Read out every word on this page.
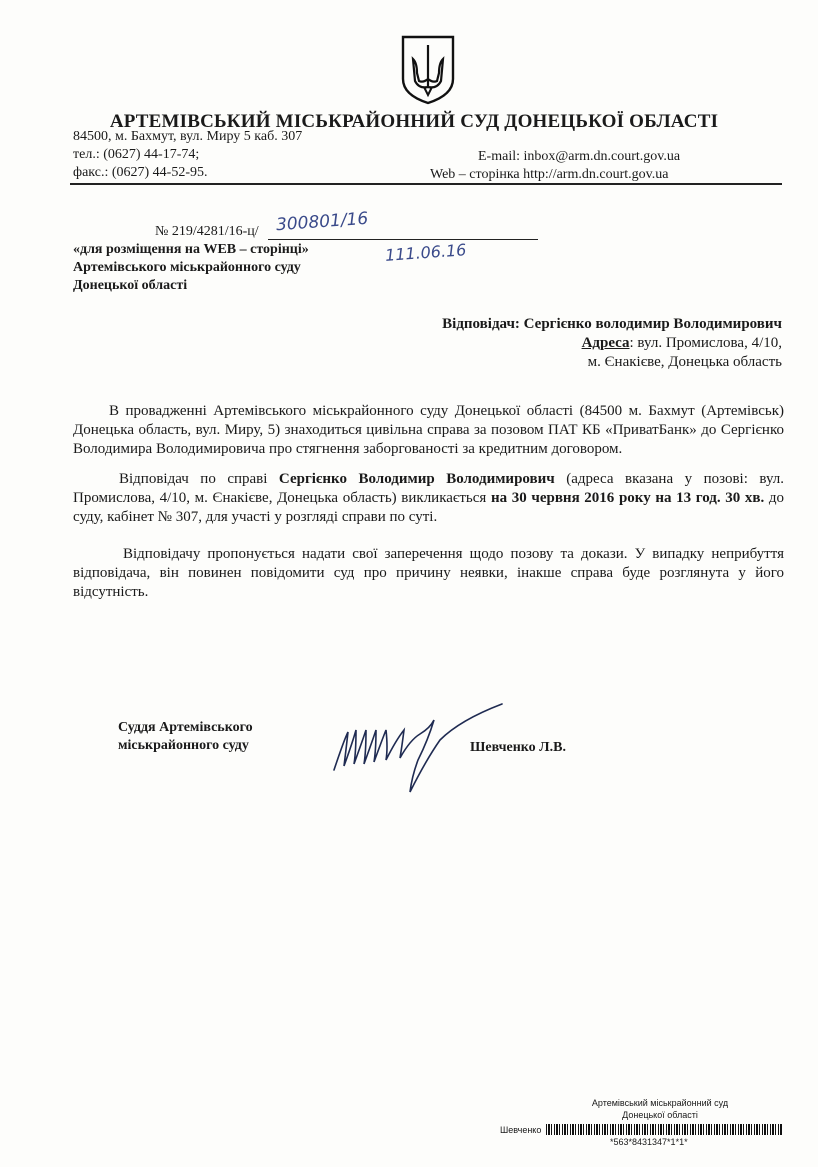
АРТЕМІВСЬКИЙ МІСЬКРАЙОННИЙ СУД ДОНЕЦЬКОЇ ОБЛАСТІ
84500, м. Бахмут, вул. Миру 5 каб. 307
тел.: (0627) 44-17-74;
факс.: (0627) 44-52-95.
E-mail: inbox@arm.dn.court.gov.ua
Web – сторінка http://arm.dn.court.gov.ua
№ 219/4281/16-ц/ 300801/16
111.06.16
«для розміщення на WEB – сторінці»
Артемівського міськрайонного суду
Донецької області
Відповідач: Сергієнко володимир Володимирович
Адреса: вул. Промислова, 4/10,
м. Єнакієве, Донецька область
В провадженні Артемівського міськрайонного суду Донецької області (84500 м. Бахмут (Артемівськ) Донецька область, вул. Миру, 5) знаходиться цивільна справа за позовом ПАТ КБ «ПриватБанк» до Сергієнко Володимира Володимировича про стягнення заборгованості за кредитним договором.
Відповідач по справі Сергієнко Володимир Володимирович (адреса вказана у позові: вул. Промислова, 4/10, м. Єнакієве, Донецька область) викликається на 30 червня 2016 року на 13 год. 30 хв. до суду, кабінет № 307, для участі у розгляді справи по суті.
Відповідачу пропонується надати свої заперечення щодо позову та докази. У випадку неприбуття відповідача, він повинен повідомити суд про причину неявки, інакше справа буде розглянута у його відсутність.
Суддя Артемівського
міськрайонного суду	Шевченко Л.В.
Артемівський міськрайонний суд
Донецької області
Шевченко
*563*8431347*1*1*
